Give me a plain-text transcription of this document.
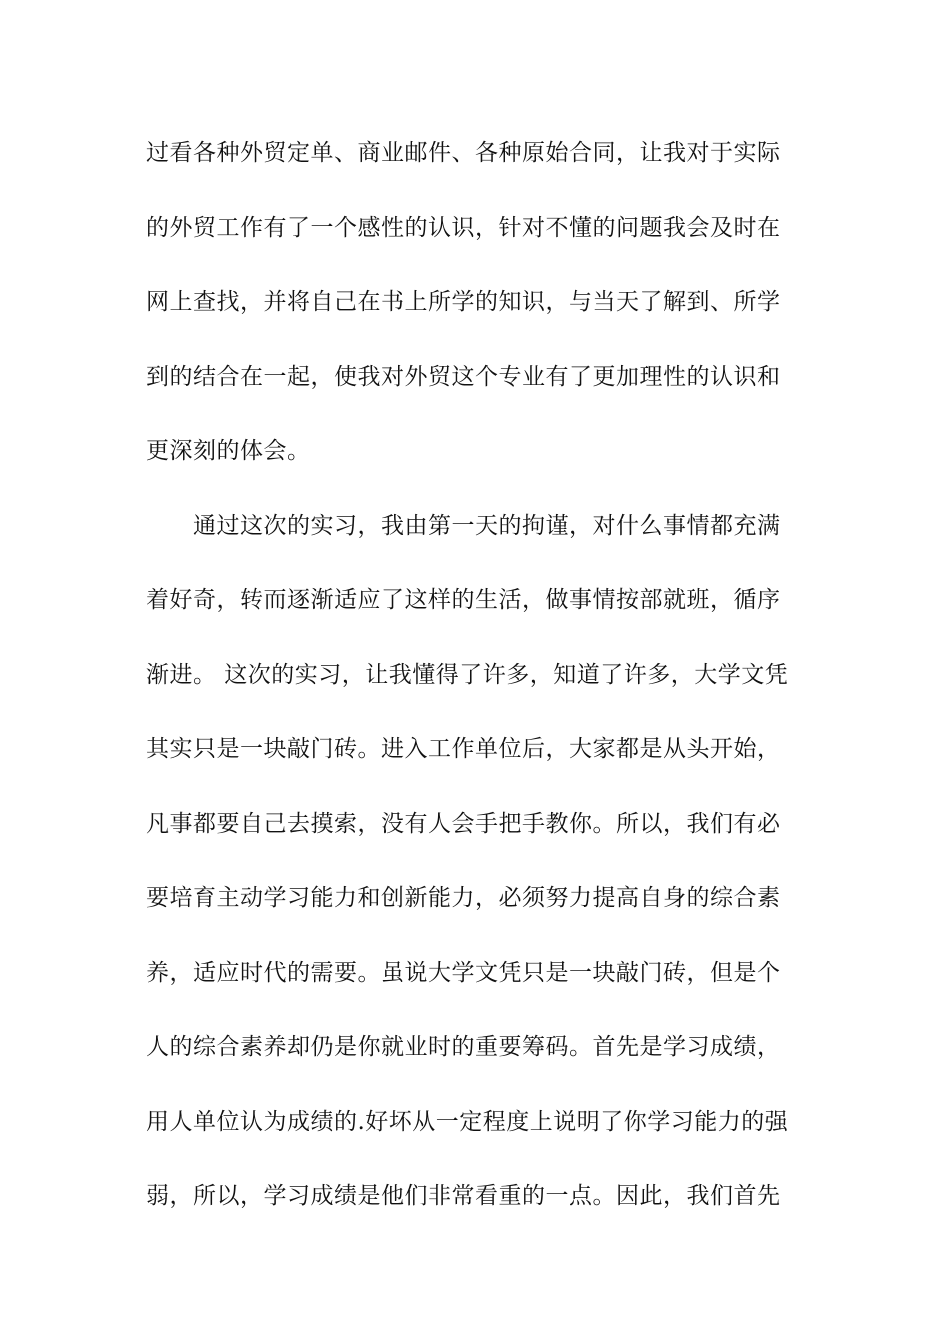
过看各种外贸定单、商业邮件、各种原始合同，让我对于实际
的外贸工作有了一个感性的认识，针对不懂的问题我会及时在
网上查找，并将自己在书上所学的知识，与当天了解到、所学
到的结合在一起，使我对外贸这个专业有了更加理性的认识和
更深刻的体会。
通过这次的实习，我由第一天的拘谨，对什么事情都充满
着好奇，转而逐渐适应了这样的生活，做事情按部就班，循序
渐进。 这次的实习，让我懂得了许多，知道了许多，大学文凭
其实只是一块敲门砖。进入工作单位后，大家都是从头开始，
凡事都要自己去摸索，没有人会手把手教你。所以，我们有必
要培育主动学习能力和创新能力，必须努力提高自身的综合素
养，适应时代的需要。虽说大学文凭只是一块敲门砖，但是个
人的综合素养却仍是你就业时的重要筹码。首先是学习成绩，
用人单位认为成绩的.好坏从一定程度上说明了你学习能力的强
弱，所以，学习成绩是他们非常看重的一点。因此，我们首先
